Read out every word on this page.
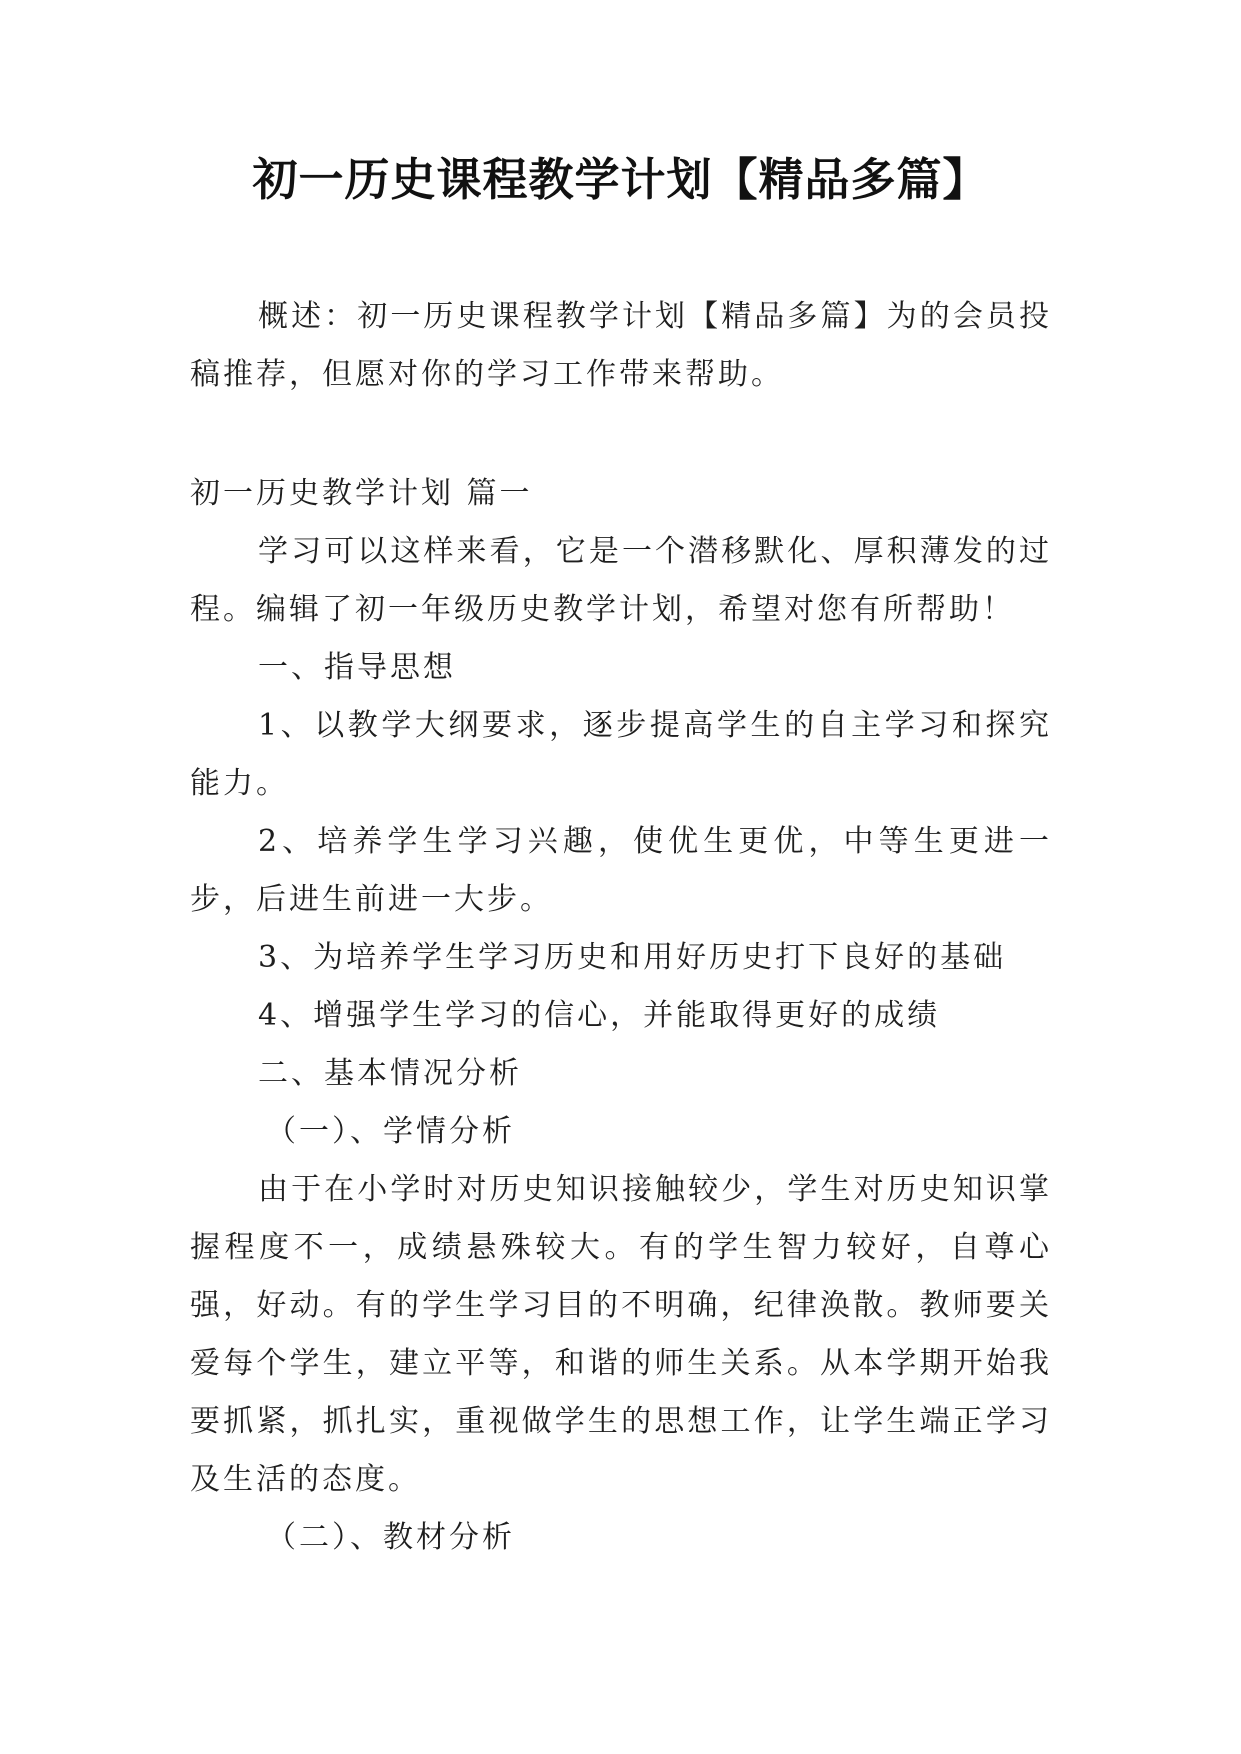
初一历史课程教学计划【精品多篇】

概述：初一历史课程教学计划【精品多篇】为的会员投稿推荐，但愿对你的学习工作带来帮助。

初一历史教学计划 篇一

学习可以这样来看，它是一个潜移默化、厚积薄发的过程。编辑了初一年级历史教学计划，希望对您有所帮助！

一、指导思想

1、以教学大纲要求，逐步提高学生的自主学习和探究能力。

2、培养学生学习兴趣，使优生更优，中等生更进一步，后进生前进一大步。

3、为培养学生学习历史和用好历史打下良好的基础

4、增强学生学习的信心，并能取得更好的成绩

二、基本情况分析

（一）、学情分析

由于在小学时对历史知识接触较少，学生对历史知识掌握程度不一，成绩悬殊较大。有的学生智力较好，自尊心强，好动。有的学生学习目的不明确，纪律涣散。教师要关爱每个学生，建立平等，和谐的师生关系。从本学期开始我要抓紧，抓扎实，重视做学生的思想工作，让学生端正学习及生活的态度。

（二）、教材分析
